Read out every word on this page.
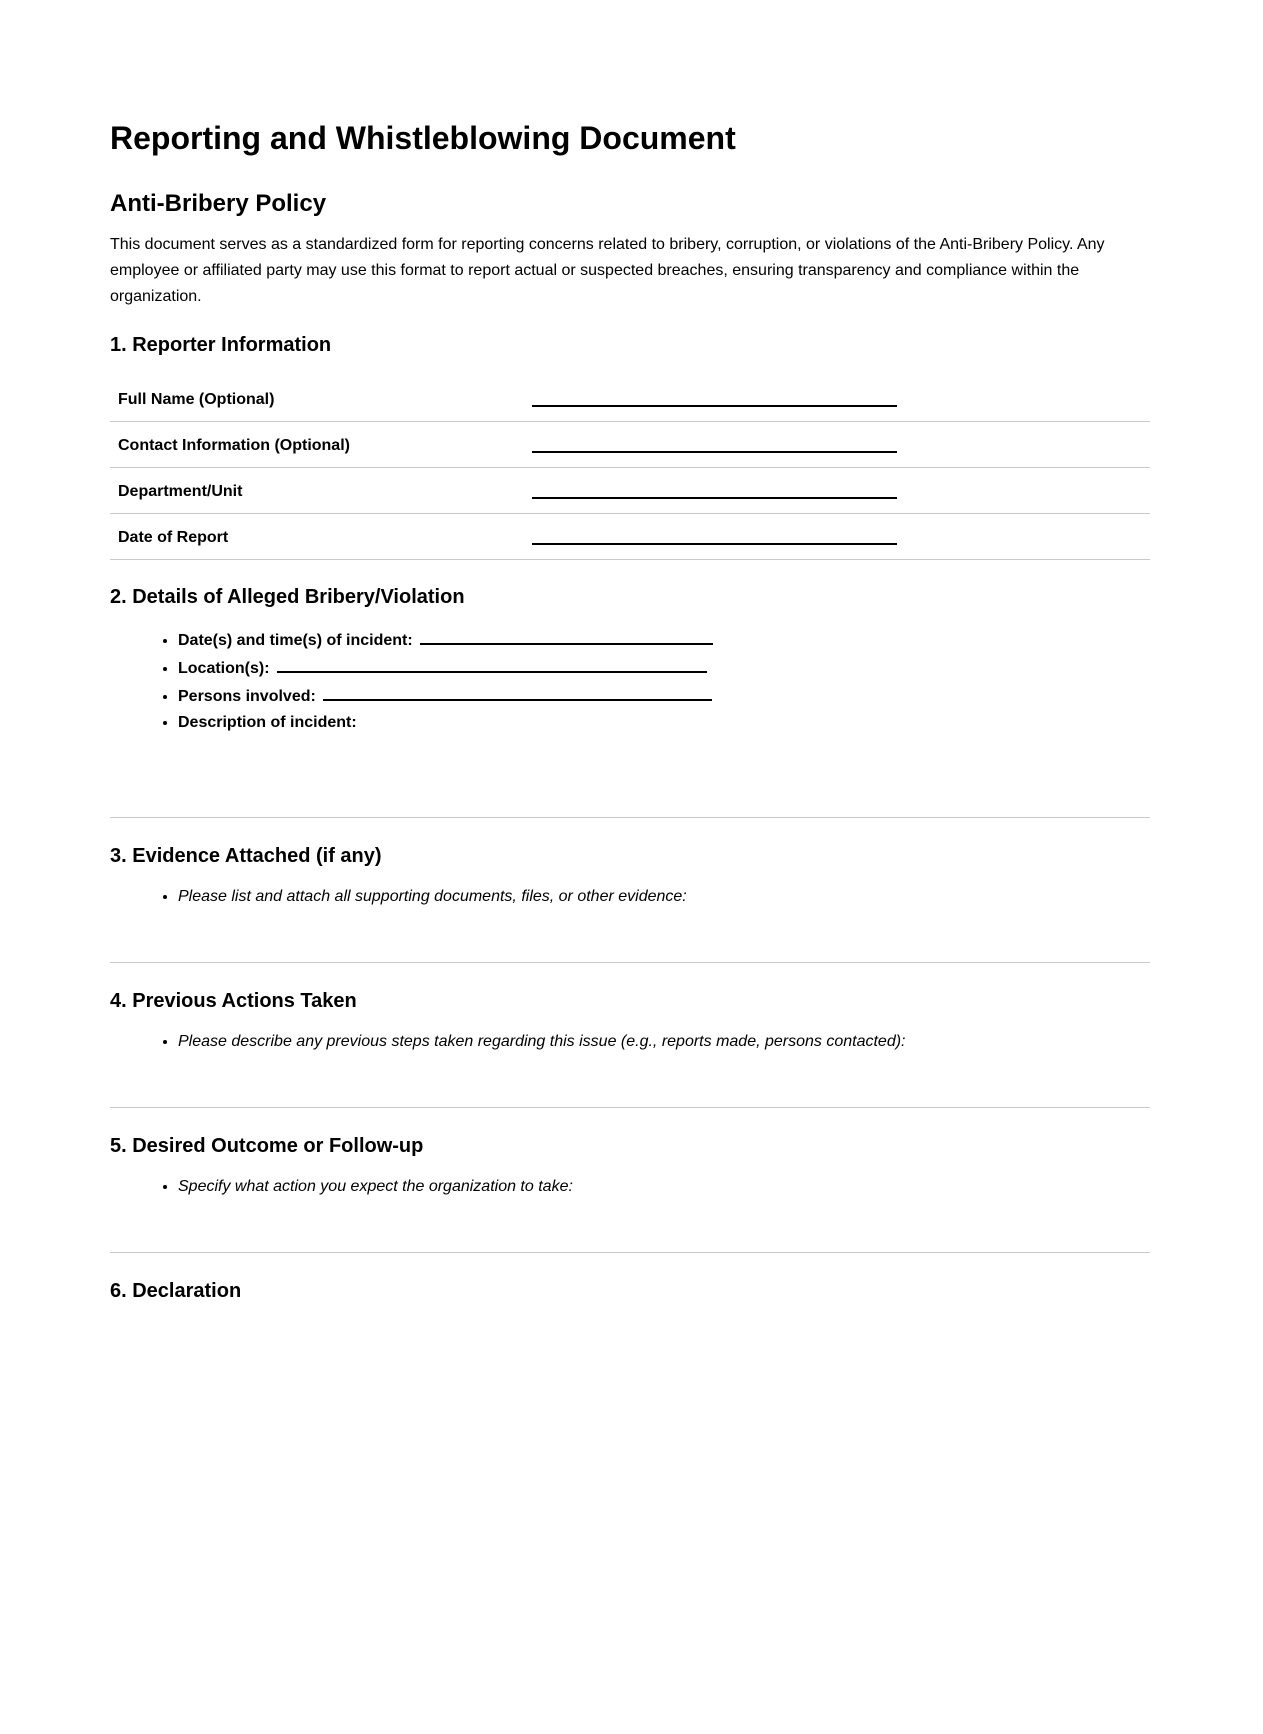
Reporting and Whistleblowing Document
Anti-Bribery Policy

This document serves as a standardized form for reporting concerns related to bribery, corruption, or violations of the Anti-Bribery Policy. Any
employee or affiliated party may use this format to report actual or suspected breaches, ensuring transparency and compliance within the
organization.

1. Reporter Information
Full Name (Optional)
Contact Information (Optional)
Department/Unit
Date of Report
2. Details of Alleged Bribery/Violation
• Date(s) and time(s) of incident:
• Location(s):
• Persons involved:
• Description of incident:
3. Evidence Attached (if any)
• Please list and attach all supporting documents, files, or other evidence:
4. Previous Actions Taken
• Please describe any previous steps taken regarding this issue (e.g., reports made, persons contacted):
5. Desired Outcome or Follow-up
• Specify what action you expect the organization to take:
6. Declaration
